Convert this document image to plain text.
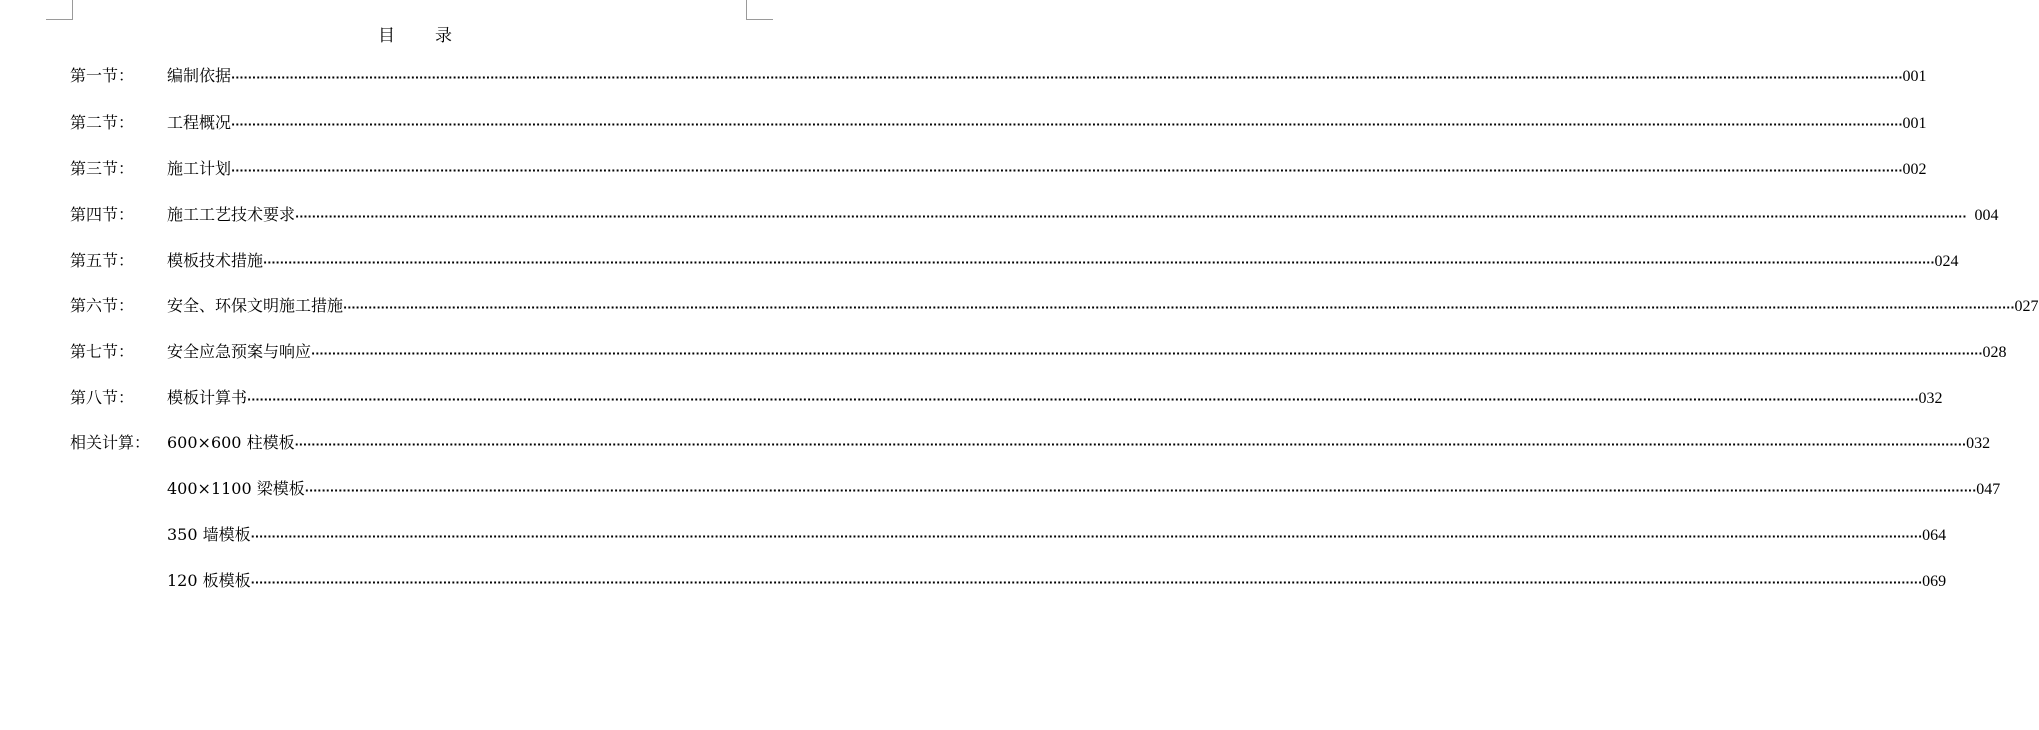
目　　录
第一节： 编制依据 ················································································································································································································································································································································································································ 001
第二节： 工程概况 ················································································································································································································································································································································································································ 001
第三节： 施工计划 ················································································································································································································································································································································································································ 002
第四节： 施工工艺技术要求 ················································································································································································································································································································································································································ 004
第五节： 模板技术措施 ················································································································································································································································································································································································································ 024
第六节： 安全、环保文明施工措施 ················································································································································································································································································································································································································ 027
第七节： 安全应急预案与响应 ················································································································································································································································································································································································································ 028
第八节： 模板计算书 ················································································································································································································································································································································································································ 032
相关计算： 600×600 柱模板 ················································································································································································································································································································································································································ 032
400×1100 梁模板 ················································································································································································································································································································································································································ 047
350 墙模板 ················································································································································································································································································································································································································ 064
120 板模板 ················································································································································································································································································································································································································ 069
